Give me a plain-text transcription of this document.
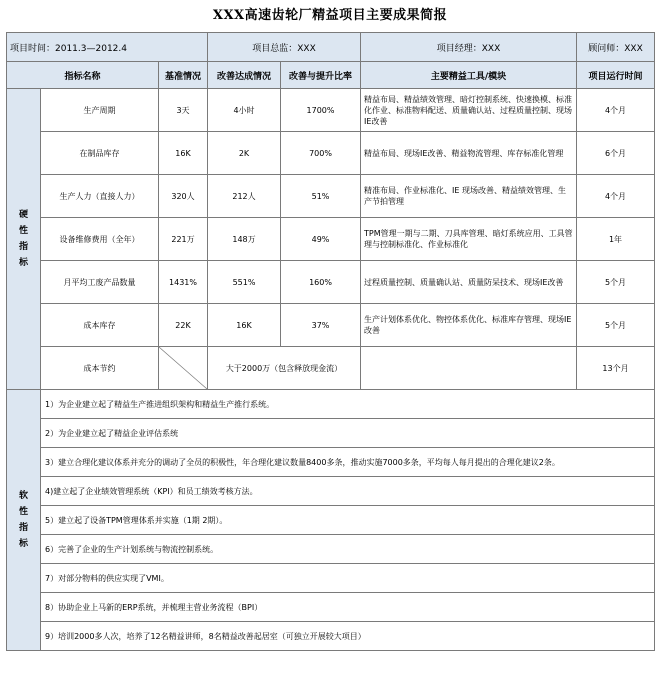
XXX高速齿轮厂精益项目主要成果简报
项目时间：2011.3—2012.4			项目总监：XXX		项目经理：XXX	顾问师：XXX
指标名称		基准情况	改善达成情况	改善与提升比率	主要精益工具/模块	项目运行时间

硬
性
指
标	生产周期	3天	4小时	1700%	精益布局、精益绩效管理、暗灯控制系统、快速换模、标准化作业、标准物料配送、质量确认站、过程质量控制、现场IE改善	4个月
	在制品库存	16K	2K	700%	精益布局、现场IE改善、精益物流管理、库存标准化管理	6个月
	生产人力（直接人力）	320人	212人	51%	精准布局、作业标准化、IE 现场改善、精益绩效管理、生产节拍管理	4个月
	设备维修费用（全年）	221万	148万	49%	TPM管理一期与二期、刀具库管理、暗灯系统应用、工具管理与控制标准化、作业标准化	1年
	月平均工废产品数量	1431%	551%	160%	过程质量控制、质量确认站、质量防呆技术、现场IE改善	5个月
	成本库存	22K	16K	37%	生产计划体系优化、物控体系优化、标准库存管理、现场IE改善	5个月
	成本节约		大于2000万（包含释放现金流）			13个月

软
性
指
标	1）为企业建立起了精益生产推进组织架构和精益生产推行系统。					
	2）为企业建立起了精益企业评估系统					
	3）建立合理化建议体系并充分的调动了全员的积极性，年合理化建议数量8400多条，推动实施7000多条，平均每人每月提出的合理化建议2条。					
	4)建立起了企业绩效管理系统（KPI）和员工绩效考核方法。					
	5）建立起了设备TPM管理体系并实施（1期 2期）。					
	6）完善了企业的生产计划系统与物流控制系统。					
	7）对部分物料的供应实现了VMI。					
	8）协助企业上马新的ERP系统，并梳理主营业务流程（BPI）					
	9）培训2000多人次，培养了12名精益讲师，8名精益改善起居室（可独立开展较大项目）					
